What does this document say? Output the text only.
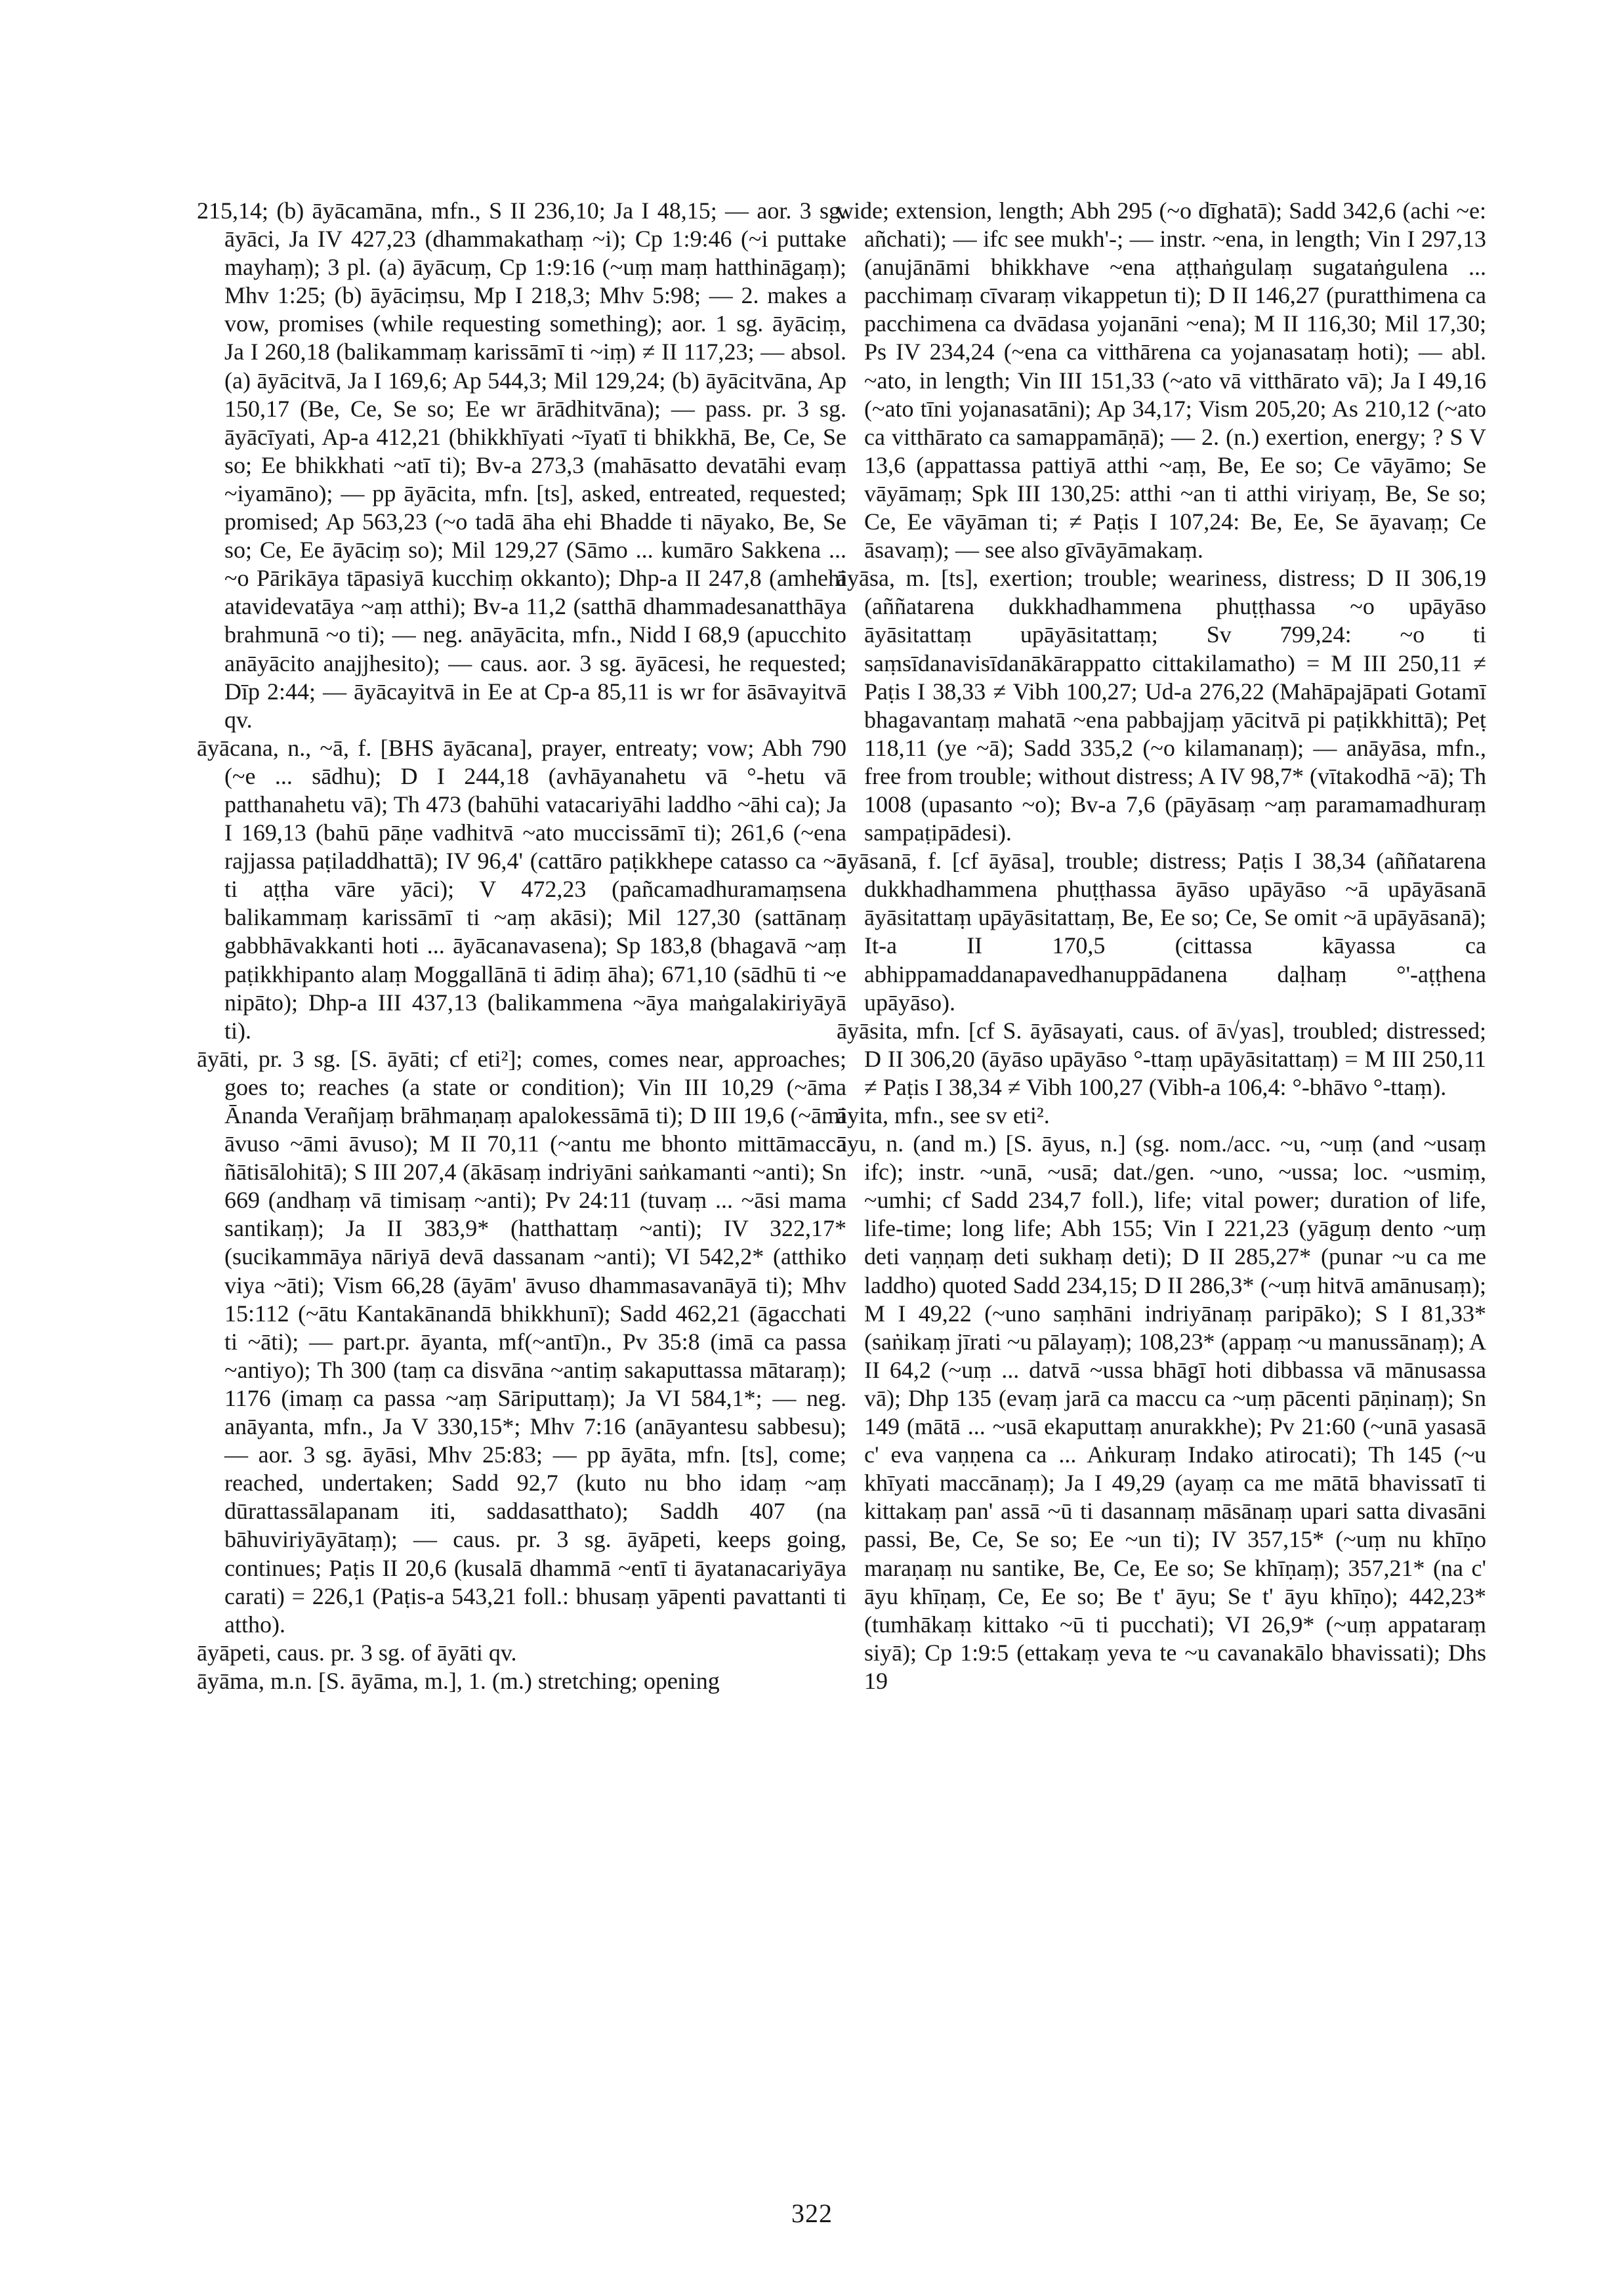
215,14; (b) āyācamāna, mfn., S II 236,10; Ja I 48,15; — aor. 3 sg. āyāci, Ja IV 427,23 (dhammakathaṃ ~i); Cp 1:9:46 (~i puttake mayhaṃ); 3 pl. (a) āyācuṃ, Cp 1:9:16 (~uṃ maṃ hatthināgaṃ); Mhv 1:25; (b) āyāciṃsu, Mp I 218,3; Mhv 5:98; — 2. makes a vow, promises (while requesting something); aor. 1 sg. āyāciṃ, Ja I 260,18 (balikammaṃ karissāmī ti ~iṃ) ≠ II 117,23; — absol. (a) āyācitvā, Ja I 169,6; Ap 544,3; Mil 129,24; (b) āyācitvāna, Ap 150,17 (Be, Ce, Se so; Ee wr ārādhitvāna); — pass. pr. 3 sg. āyācīyati, Ap-a 412,21 (bhikkhīyati ~īyatī ti bhikkhā, Be, Ce, Se so; Ee bhikkhati ~atī ti); Bv-a 273,3 (mahāsatto devatāhi evaṃ ~iyamāno); — pp āyācita, mfn. [ts], asked, entreated, requested; promised; Ap 563,23 (~o tadā āha ehi Bhadde ti nāyako, Be, Se so; Ce, Ee āyāciṃ so); Mil 129,27 (Sāmo ... kumāro Sakkena ... ~o Pārikāya tāpasiyā kucchiṃ okkanto); Dhp-a II 247,8 (amhehi atavidevatāya ~aṃ atthi); Bv-a 11,2 (satthā dhammadesanatthāya brahmunā ~o ti); — neg. anāyācita, mfn., Nidd I 68,9 (apucchito anāyācito anajjhesito); — caus. aor. 3 sg. āyācesi, he requested; Dīp 2:44; — āyācayitvā in Ee at Cp-a 85,11 is wr for āsāvayitvā qv.

āyācana, n., ~ā, f. [BHS āyācana], prayer, entreaty; vow; Abh 790 (~e ... sādhu); D I 244,18 (avhāyanahetu vā °-hetu vā patthanahetu vā); Th 473 (bahūhi vatacariyāhi laddho ~āhi ca); Ja I 169,13 (bahū pāṇe vadhitvā ~ato muccissāmī ti); 261,6 (~ena rajjassa paṭiladdhattā); IV 96,4' (cattāro paṭikkhepe catasso ca ~ā ti aṭṭha vāre yāci); V 472,23 (pañcamadhuramaṃsena balikammaṃ karissāmī ti ~aṃ akāsi); Mil 127,30 (sattānaṃ gabbhāvakkanti hoti ... āyācanavasena); Sp 183,8 (bhagavā ~aṃ paṭikkhipanto alaṃ Moggallānā ti ādiṃ āha); 671,10 (sādhū ti ~e nipāto); Dhp-a III 437,13 (balikammena ~āya maṅgalakiriyāyā ti).

āyāti, pr. 3 sg. [S. āyāti; cf eti²]; comes, comes near, approaches; goes to; reaches (a state or condition); Vin III 10,29 (~āma Ānanda Verañjaṃ brāhmaṇaṃ apalokessāmā ti); D III 19,6 (~āmi āvuso ~āmi āvuso); M II 70,11 (~antu me bhonto mittāmaccā ñātisālohitā); S III 207,4 (ākāsaṃ indriyāni saṅkamanti ~anti); Sn 669 (andhaṃ vā timisaṃ ~anti); Pv 24:11 (tuvaṃ ... ~āsi mama santikaṃ); Ja II 383,9* (hatthattaṃ ~anti); IV 322,17* (sucikammāya nāriyā devā dassanam ~anti); VI 542,2* (atthiko viya ~āti); Vism 66,28 (āyām' āvuso dhammasavanāyā ti); Mhv 15:112 (~ātu Kantakānandā bhikkhunī); Sadd 462,21 (āgacchati ti ~āti); — part.pr. āyanta, mf(~antī)n., Pv 35:8 (imā ca passa ~antiyo); Th 300 (taṃ ca disvāna ~antiṃ sakaputtassa mātaraṃ); 1176 (imaṃ ca passa ~aṃ Sāriputtaṃ); Ja VI 584,1*; — neg. anāyanta, mfn., Ja V 330,15*; Mhv 7:16 (anāyantesu sabbesu); — aor. 3 sg. āyāsi, Mhv 25:83; — pp āyāta, mfn. [ts], come; reached, undertaken; Sadd 92,7 (kuto nu bho idaṃ ~aṃ dūrattassālapanam iti, saddasatthato); Saddh 407 (na bāhuviriyāyātaṃ); — caus. pr. 3 sg. āyāpeti, keeps going, continues; Paṭis II 20,6 (kusalā dhammā ~entī ti āyatanacariyāya carati) = 226,1 (Paṭis-a 543,21 foll.: bhusaṃ yāpenti pavattanti ti attho).

āyāpeti, caus. pr. 3 sg. of āyāti qv.

āyāma, m.n. [S. āyāma, m.], 1. (m.) stretching; opening

wide; extension, length; Abh 295 (~o dīghatā); Sadd 342,6 (achi ~e: añchati); — ifc see mukh'-; — instr. ~ena, in length; Vin I 297,13 (anujānāmi bhikkhave ~ena aṭṭhaṅgulaṃ sugataṅgulena ... pacchimaṃ cīvaraṃ vikappetun ti); D II 146,27 (puratthimena ca pacchimena ca dvādasa yojanāni ~ena); M II 116,30; Mil 17,30; Ps IV 234,24 (~ena ca vitthārena ca yojanasataṃ hoti); — abl. ~ato, in length; Vin III 151,33 (~ato vā vitthārato vā); Ja I 49,16 (~ato tīni yojanasatāni); Ap 34,17; Vism 205,20; As 210,12 (~ato ca vitthārato ca samappamāṇā); — 2. (n.) exertion, energy; ? S V 13,6 (appattassa pattiyā atthi ~aṃ, Be, Ee so; Ce vāyāmo; Se vāyāmaṃ; Spk III 130,25: atthi ~an ti atthi viriyaṃ, Be, Se so; Ce, Ee vāyāman ti; ≠ Paṭis I 107,24: Be, Ee, Se āyavaṃ; Ce āsavaṃ); — see also gīvāyāmakaṃ.

āyāsa, m. [ts], exertion; trouble; weariness, distress; D II 306,19 (aññatarena dukkhadhammena phuṭṭhassa ~o upāyāso āyāsitattaṃ upāyāsitattaṃ; Sv 799,24: ~o ti saṃsīdanavisīdanākārappatto cittakilamatho) = M III 250,11 ≠ Paṭis I 38,33 ≠ Vibh 100,27; Ud-a 276,22 (Mahāpajāpati Gotamī bhagavantaṃ mahatā ~ena pabbajjaṃ yācitvā pi paṭikkhittā); Peṭ 118,11 (ye ~ā); Sadd 335,2 (~o kilamanaṃ); — anāyāsa, mfn., free from trouble; without distress; A IV 98,7* (vītakodhā ~ā); Th 1008 (upasanto ~o); Bv-a 7,6 (pāyāsaṃ ~aṃ paramamadhuraṃ sampaṭipādesi).

āyāsanā, f. [cf āyāsa], trouble; distress; Paṭis I 38,34 (aññatarena dukkhadhammena phuṭṭhassa āyāso upāyāso ~ā upāyāsanā āyāsitattaṃ upāyāsitattaṃ, Be, Ee so; Ce, Se omit ~ā upāyāsanā); It-a II 170,5 (cittassa kāyassa ca abhippamaddanapavedhanuppādanena daḷhaṃ °'-aṭṭhena upāyāso).

āyāsita, mfn. [cf S. āyāsayati, caus. of ā√yas], troubled; distressed; D II 306,20 (āyāso upāyāso °-ttaṃ upāyāsitattaṃ) = M III 250,11 ≠ Paṭis I 38,34 ≠ Vibh 100,27 (Vibh-a 106,4: °-bhāvo °-ttaṃ).

āyita, mfn., see sv eti².

āyu, n. (and m.) [S. āyus, n.] (sg. nom./acc. ~u, ~uṃ (and ~usaṃ ifc); instr. ~unā, ~usā; dat./gen. ~uno, ~ussa; loc. ~usmiṃ, ~umhi; cf Sadd 234,7 foll.), life; vital power; duration of life, life-time; long life; Abh 155; Vin I 221,23 (yāguṃ dento ~uṃ deti vaṇṇaṃ deti sukhaṃ deti); D II 285,27* (punar ~u ca me laddho) quoted Sadd 234,15; D II 286,3* (~uṃ hitvā amānusaṃ); M I 49,22 (~uno saṃhāni indriyānaṃ paripāko); S I 81,33* (saṅikaṃ jīrati ~u pālayaṃ); 108,23* (appaṃ ~u manussānaṃ); A II 64,2 (~uṃ ... datvā ~ussa bhāgī hoti dibbassa vā mānusassa vā); Dhp 135 (evaṃ jarā ca maccu ca ~uṃ pācenti pāṇinaṃ); Sn 149 (mātā ... ~usā ekaputtaṃ anurakkhe); Pv 21:60 (~unā yasasā c' eva vaṇṇena ca ... Aṅkuraṃ Indako atirocati); Th 145 (~u khīyati maccānaṃ); Ja I 49,29 (ayaṃ ca me mātā bhavissatī ti kittakaṃ pan' assā ~ū ti dasannaṃ māsānaṃ upari satta divasāni passi, Be, Ce, Se so; Ee ~un ti); IV 357,15* (~uṃ nu khīṇo maraṇaṃ nu santike, Be, Ce, Ee so; Se khīṇaṃ); 357,21* (na c' āyu khīṇaṃ, Ce, Ee so; Be t' āyu; Se t' āyu khīṇo); 442,23* (tumhākaṃ kittako ~ū ti pucchati); VI 26,9* (~uṃ appataraṃ siyā); Cp 1:9:5 (ettakaṃ yeva te ~u cavanakālo bhavissati); Dhs 19

322
